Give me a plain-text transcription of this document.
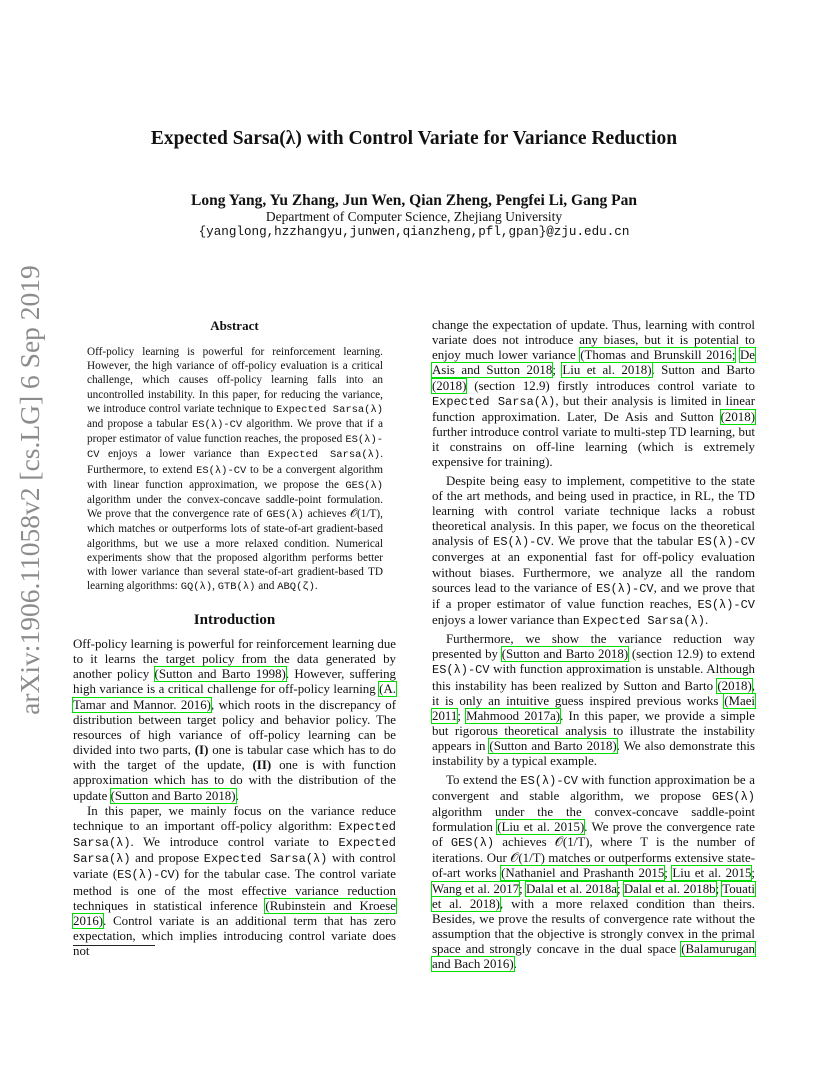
arXiv:1906.11058v2 [cs.LG] 6 Sep 2019
Expected Sarsa(λ) with Control Variate for Variance Reduction
Long Yang, Yu Zhang, Jun Wen, Qian Zheng, Pengfei Li, Gang Pan
Department of Computer Science, Zhejiang University
{yanglong,hzzhangyu,junwen,qianzheng,pfl,gpan}@zju.edu.cn
Abstract

Off-policy learning is powerful for reinforcement learning. However, the high variance of off-policy evaluation is a critical challenge, which causes off-policy learning falls into an uncontrolled instability. In this paper, for reducing the variance, we introduce control variate technique to Expected Sarsa(λ) and propose a tabular ES(λ)-CV algorithm. We prove that if a proper estimator of value function reaches, the proposed ES(λ)-CV enjoys a lower variance than Expected Sarsa(λ). Furthermore, to extend ES(λ)-CV to be a convergent algorithm with linear function approximation, we propose the GES(λ) algorithm under the convex-concave saddle-point formulation. We prove that the convergence rate of GES(λ) achieves 𝒪(1/T), which matches or outperforms lots of state-of-art gradient-based algorithms, but we use a more relaxed condition. Numerical experiments show that the proposed algorithm performs better with lower variance than several state-of-art gradient-based TD learning algorithms: GQ(λ), GTB(λ) and ABQ(ζ).

Introduction

Off-policy learning is powerful for reinforcement learning due to it learns the target policy from the data generated by another policy (Sutton and Barto 1998). However, suffering high variance is a critical challenge for off-policy learning (A. Tamar and Mannor. 2016), which roots in the discrepancy of distribution between target policy and behavior policy. The resources of high variance of off-policy learning can be divided into two parts, (I) one is tabular case which has to do with the target of the update, (II) one is with function approximation which has to do with the distribution of the update (Sutton and Barto 2018).

In this paper, we mainly focus on the variance reduce technique to an important off-policy algorithm: Expected Sarsa(λ). We introduce control variate to Expected Sarsa(λ) and propose Expected Sarsa(λ) with control variate (ES(λ)-CV) for the tabular case. The control variate method is one of the most effective variance reduction techniques in statistical inference (Rubinstein and Kroese 2016). Control variate is an additional term that has zero expectation, which implies introducing control variate does not

change the expectation of update. Thus, learning with control variate does not introduce any biases, but it is potential to enjoy much lower variance (Thomas and Brunskill 2016; De Asis and Sutton 2018; Liu et al. 2018). Sutton and Barto (2018) (section 12.9) firstly introduces control variate to Expected Sarsa(λ), but their analysis is limited in linear function approximation. Later, De Asis and Sutton (2018) further introduce control variate to multi-step TD learning, but it constrains on off-line learning (which is extremely expensive for training).

Despite being easy to implement, competitive to the state of the art methods, and being used in practice, in RL, the TD learning with control variate technique lacks a robust theoretical analysis. In this paper, we focus on the theoretical analysis of ES(λ)-CV. We prove that the tabular ES(λ)-CV converges at an exponential fast for off-policy evaluation without biases. Furthermore, we analyze all the random sources lead to the variance of ES(λ)-CV, and we prove that if a proper estimator of value function reaches, ES(λ)-CV enjoys a lower variance than Expected Sarsa(λ).

Furthermore, we show the variance reduction way presented by (Sutton and Barto 2018) (section 12.9) to extend ES(λ)-CV with function approximation is unstable. Although this instability has been realized by Sutton and Barto (2018), it is only an intuitive guess inspired previous works (Maei 2011; Mahmood 2017a). In this paper, we provide a simple but rigorous theoretical analysis to illustrate the instability appears in (Sutton and Barto 2018). We also demonstrate this instability by a typical example.

To extend the ES(λ)-CV with function approximation be a convergent and stable algorithm, we propose GES(λ) algorithm under the the convex-concave saddle-point formulation (Liu et al. 2015). We prove the convergence rate of GES(λ) achieves 𝒪(1/T), where T is the number of iterations. Our 𝒪(1/T) matches or outperforms extensive state-of-art works (Nathaniel and Prashanth 2015; Liu et al. 2015; Wang et al. 2017; Dalal et al. 2018a; Dalal et al. 2018b; Touati et al. 2018), with a more relaxed condition than theirs. Besides, we prove the results of convergence rate without the assumption that the objective is strongly convex in the primal space and strongly concave in the dual space (Balamurugan and Bach 2016).
